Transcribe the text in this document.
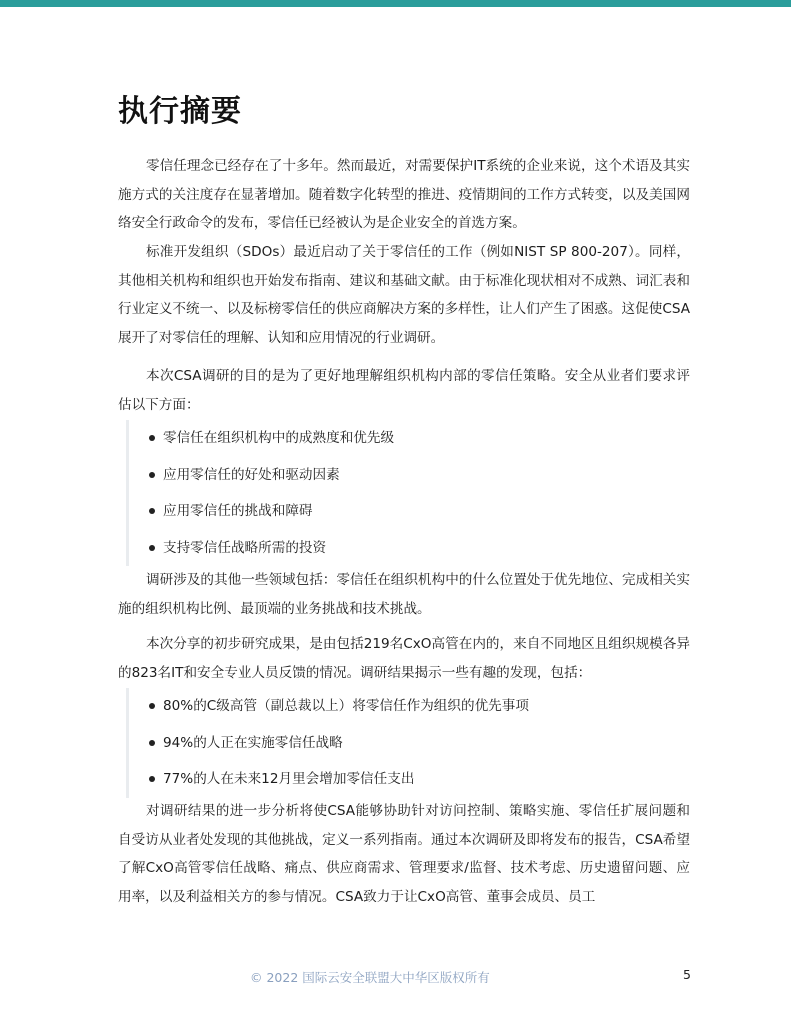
执行摘要

零信任理念已经存在了十多年。然而最近，对需要保护IT系统的企业来说，这个术语及其实施方式的关注度存在显著增加。随着数字化转型的推进、疫情期间的工作方式转变，以及美国网络安全行政命令的发布，零信任已经被认为是企业安全的首选方案。

标准开发组织（SDOs）最近启动了关于零信任的工作（例如NIST SP 800-207）。同样，其他相关机构和组织也开始发布指南、建议和基础文献。由于标准化现状相对不成熟、词汇表和行业定义不统一、以及标榜零信任的供应商解决方案的多样性，让人们产生了困惑。这促使CSA展开了对零信任的理解、认知和应用情况的行业调研。

本次CSA调研的目的是为了更好地理解组织机构内部的零信任策略。安全从业者们要求评估以下方面：

零信任在组织机构中的成熟度和优先级
应用零信任的好处和驱动因素
应用零信任的挑战和障碍
支持零信任战略所需的投资

调研涉及的其他一些领域包括：零信任在组织机构中的什么位置处于优先地位、完成相关实施的组织机构比例、最顶端的业务挑战和技术挑战。

本次分享的初步研究成果，是由包括219名CxO高管在内的，来自不同地区且组织规模各异的823名IT和安全专业人员反馈的情况。调研结果揭示一些有趣的发现，包括：

80%的C级高管（副总裁以上）将零信任作为组织的优先事项
94%的人正在实施零信任战略
77%的人在未来12月里会增加零信任支出

对调研结果的进一步分析将使CSA能够协助针对访问控制、策略实施、零信任扩展问题和自受访从业者处发现的其他挑战，定义一系列指南。通过本次调研及即将发布的报告，CSA希望了解CxO高管零信任战略、痛点、供应商需求、管理要求/监督、技术考虑、历史遗留问题、应用率，以及利益相关方的参与情况。CSA致力于让CxO高管、董事会成员、员工

© 2022 国际云安全联盟大中华区版权所有	5
